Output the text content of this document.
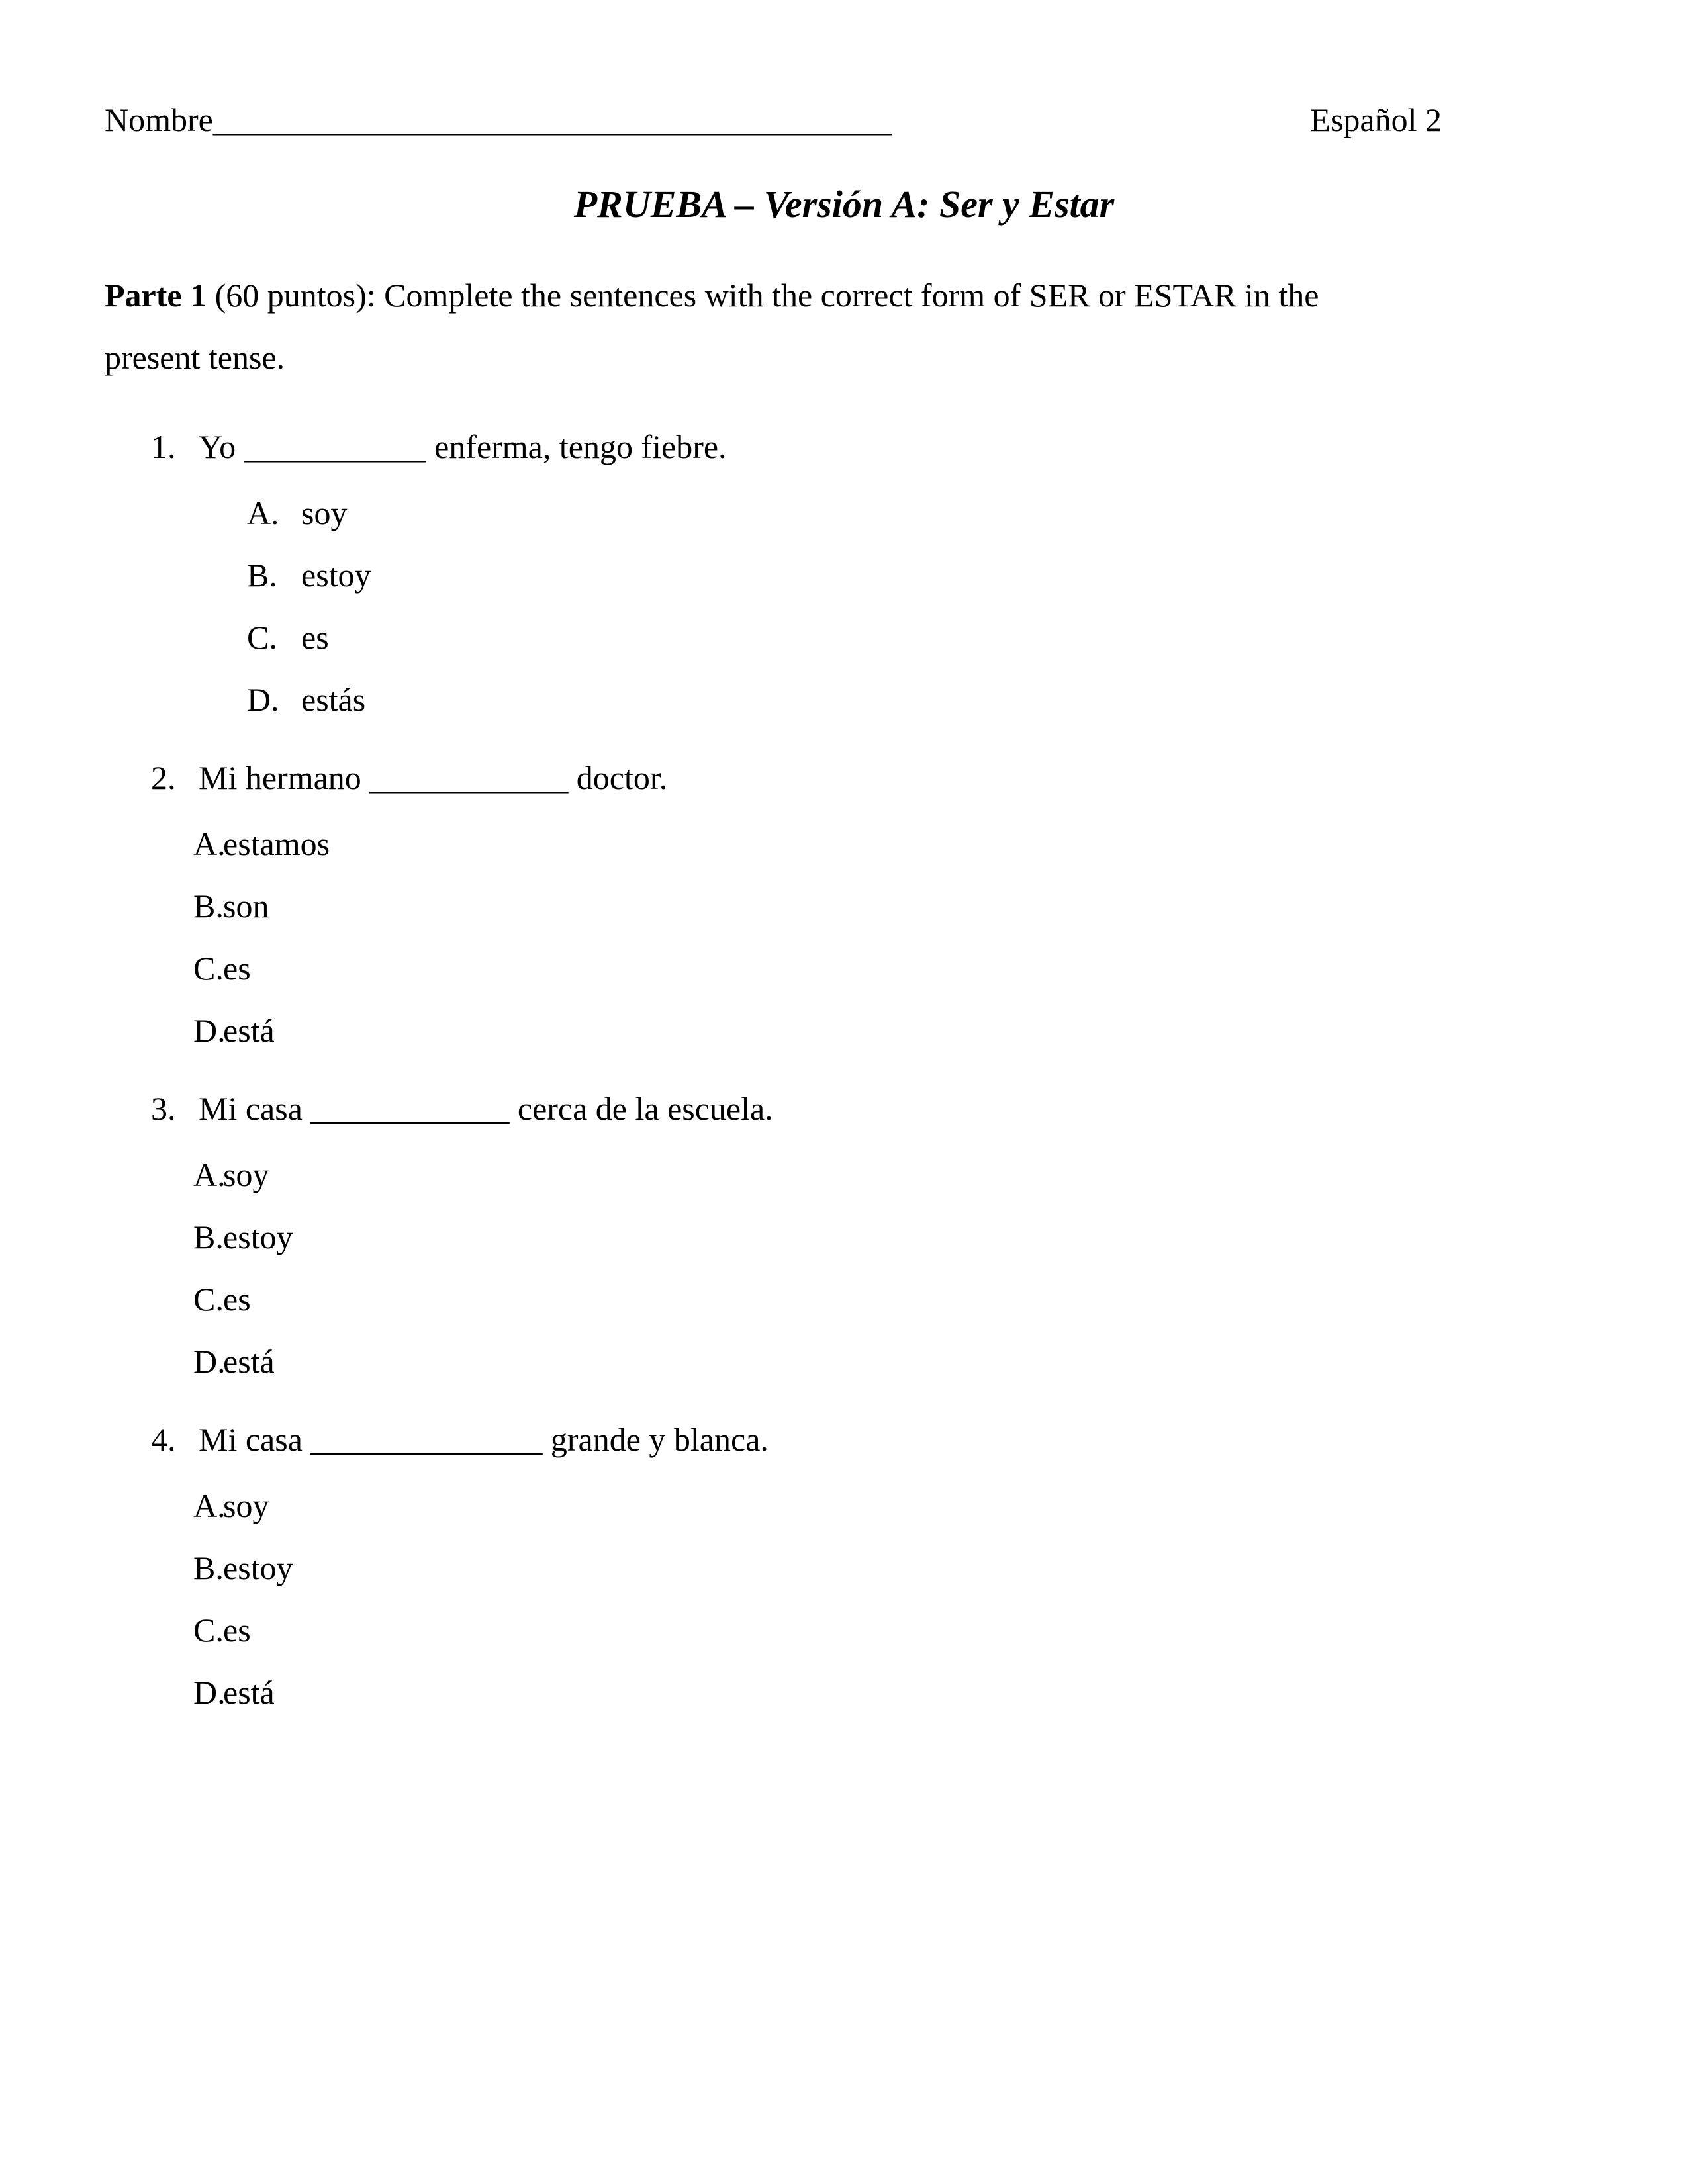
Nombre_________________________________________	Español 2
PRUEBA – Versión A: Ser y Estar
Parte 1 (60 puntos): Complete the sentences with the correct form of SER or ESTAR in the
present tense.
1. Yo ___________ enferma, tengo fiebre.
A. soy
B. estoy
C. es
D. estás
2. Mi hermano ____________ doctor.
A.estamos
B.son
C.es
D.está
3. Mi casa ____________ cerca de la escuela.
A.soy
B.estoy
C.es
D.está
4. Mi casa ______________ grande y blanca.
A.soy
B.estoy
C.es
D.está
